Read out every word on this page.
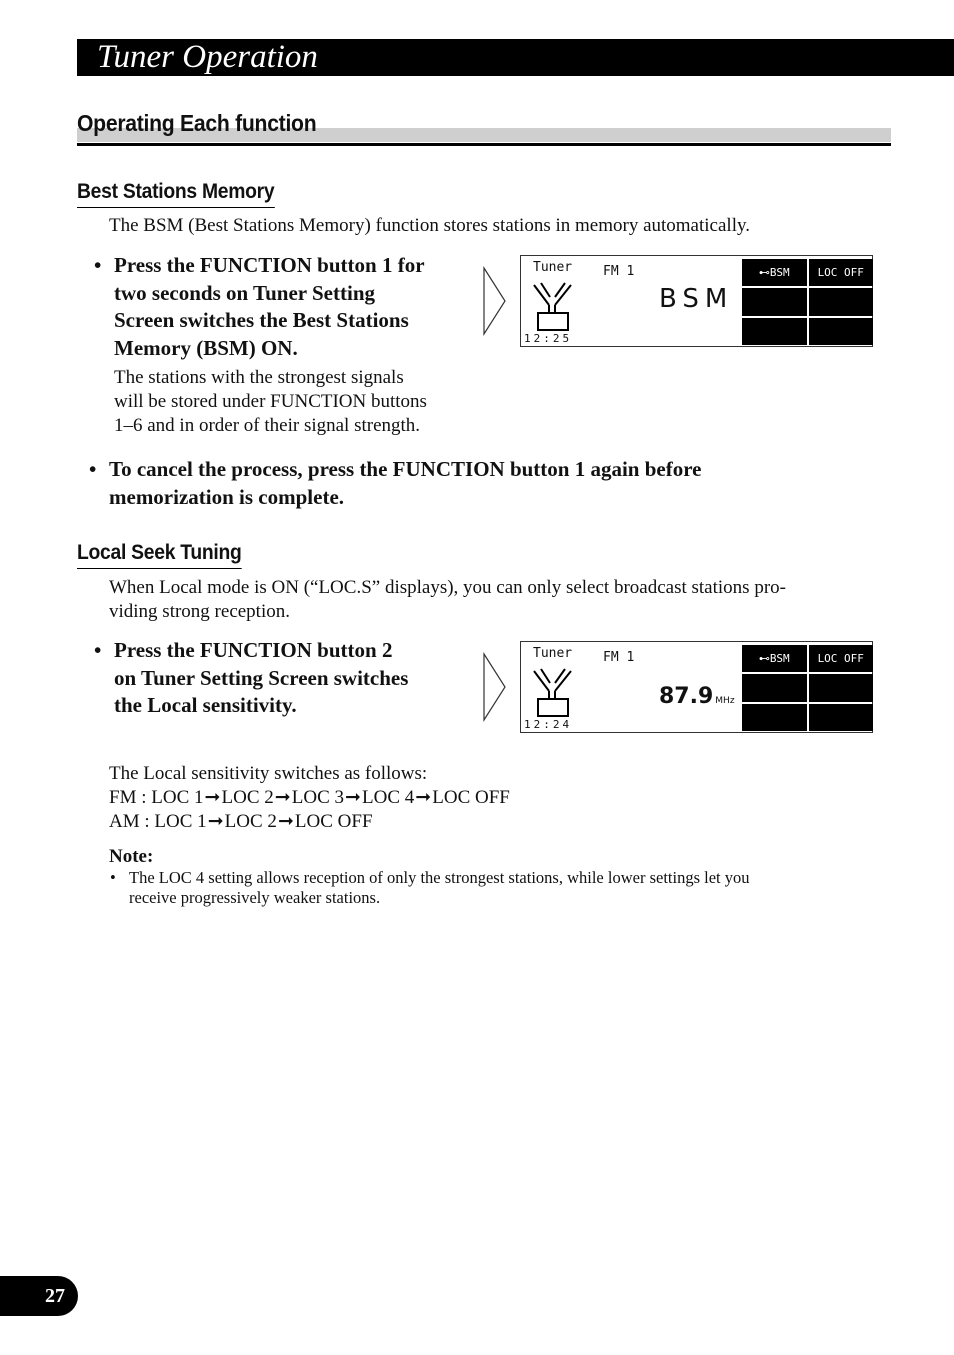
Tuner Operation
Operating Each function
Best Stations Memory
The BSM (Best Stations Memory) function stores stations in memory automatically.
• Press the FUNCTION button 1 for
two seconds on Tuner Setting
Screen switches the Best Stations
Memory (BSM) ON.
The stations with the strongest signals
will be stored under FUNCTION buttons
1–6 and in order of their signal strength.
Tuner FM 1
BSM
12:25
⊷ BSM	LOC OFF
• To cancel the process, press the FUNCTION button 1 again before
memorization is complete.
Local Seek Tuning
When Local mode is ON (“LOC.S” displays), you can only select broadcast stations pro-
viding strong reception.
• Press the FUNCTION button 2
on Tuner Setting Screen switches
the Local sensitivity.
Tuner FM 1
87.9 MHz
12:24
⊷ BSM	LOC OFF
The Local sensitivity switches as follows:
FM : LOC 1➞LOC 2➞LOC 3➞LOC 4➞LOC OFF
AM : LOC 1➞LOC 2➞LOC OFF
Note:
• The LOC 4 setting allows reception of only the strongest stations, while lower settings let you
receive progressively weaker stations.
27
